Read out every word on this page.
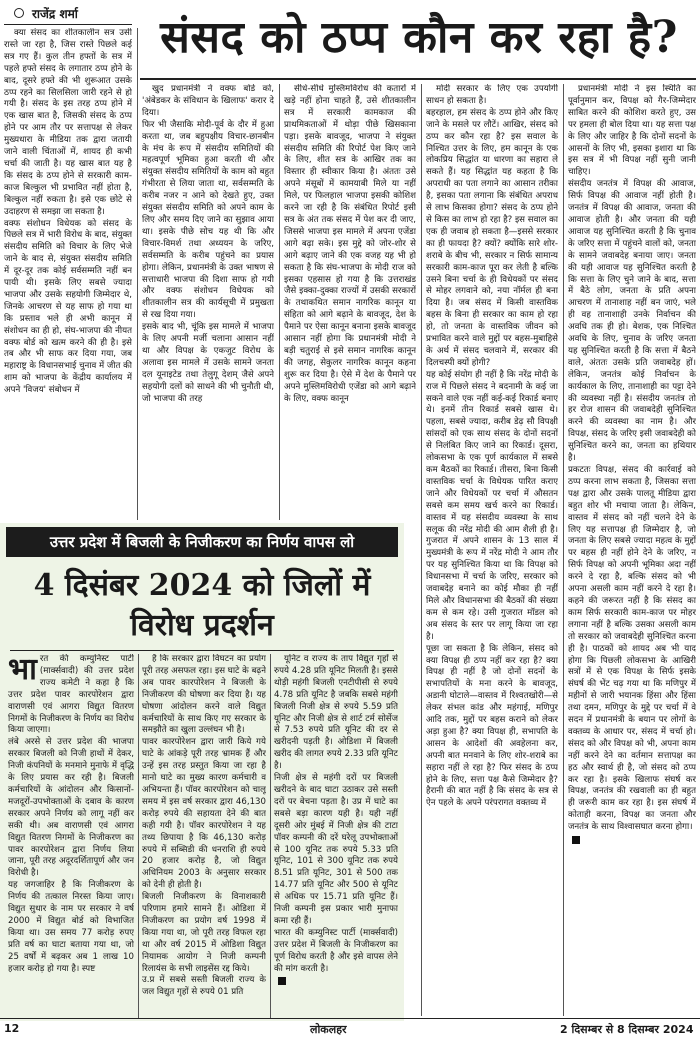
राजेंद्र शर्मा	संसद को ठप्प कौन कर रहा है?

क्या संसद का शीतकालीन सत्र उसी रास्ते जा रहा है, जिस रास्ते पिछले कई सत्र गए हैं। कुल तीन हफ्तों के सत्र में पहले हफ्ते संसद के लगातार ठप्प होने के बाद, दूसरे हफ्ते की भी शुरूआत उसके ठप्प रहने का सिलसिला जारी रहने से हो गयी है। संसद के इस तरह ठप्प होने में एक खास बात है, जिसकी संसद के ठप्प होने पर आम तौर पर सत्तापक्ष से लेकर मुख्यधारा के मीडिया तक द्वारा जतायी जाने वाली चिंताओं में, शायद ही कभी चर्चा की जाती है। यह खास बात यह है कि संसद के ठप्प होने से सरकारी काम-काज बिल्कुल भी प्रभावित नहीं होता है, बिल्कुल नहीं रुकता है। इसे एक छोटे से उदाहरण से समझा जा सकता है।
वक्फ संशोधन विधेयक को संसद के पिछले सत्र में भारी विरोध के बाद, संयुक्त संसदीय समिति को विचार के लिए भेजे जाने के बाद से, संयुक्त संसदीय समिति में दूर-दूर तक कोई सर्वसम्मति नहीं बन पायी थी। इसके लिए सबसे ज्यादा भाजपा और उसके सहयोगी जिम्मेदार थे, जिनके आचरण से यह साफ हो गया था कि प्रस्ताव भले ही अभी कानून में संशोधन का ही हो, संघ-भाजपा की नीयत वक्फ बोर्ड को खत्म करने की ही है। इसे तब और भी साफ कर दिया गया, जब महाराष्ट्र के विधानसभाई चुनाव में जीत की शाम को भाजपा के केंद्रीय कार्यालय में अपने 'विजय' संबोधन में

खुद प्रधानमंत्री ने वक्फ बोर्ड को, 'अंबेडकर के संविधान के खिलाफ' करार दे दिया।
फिर भी जैसाकि मोदी-पूर्व के दौर में हुआ करता था, जब बहुपक्षीय विचार-छानबीन के मंच के रूप में संसदीय समितियों की महत्वपूर्ण भूमिका हुआ करती थी और संयुक्त संसदीय समितियों के काम को बहुत गंभीरता से लिया जाता था, सर्वसम्मति के करीब नजर न आने को देखते हुए, उक्त संयुक्त संसदीय समिति को अपने काम के लिए और समय दिए जाने का सुझाव आया था। इसके पीछे सोच यह थी कि और विचार-विमर्श तथा अध्ययन के जरिए, सर्वसम्मति के करीब पहुंचने का प्रयास होगा। लेकिन, प्रधानमंत्री के उक्त भाषण से सत्ताधारी भाजपा की दिशा साफ हो गयी और वक्फ संशोधन विधेयक को शीतकालीन सत्र की कार्यसूची में प्रमुखता से रख दिया गया।
इसके बाद भी, चूंकि इस मामले में भाजपा के लिए अपनी मर्जी चलाना आसान नहीं था और विपक्ष के एकजुट विरोध के अलावा इस मामले में उसके सामने जनता दल यूनाइटेड तथा तेलुगू देशम् जैसे अपने सहयोगी दलों को साधने की भी चुनौती थी, जो भाजपा की तरह

सीधे-सीधे मुस्लिमविरोध की कतारों में खड़े नहीं होना चाहते हैं, उसे शीतकालीन सत्र में सरकारी कामकाज की प्राथमिकताओं में थोड़ा पीछे खिसकाना पड़ा। इसके बावजूद, भाजपा ने संयुक्त संसदीय समिति की रिपोर्ट पेश किए जाने के लिए, शीत सत्र के आखिर तक का विस्तार ही स्वीकार किया है। अंततः उसे अपने मंसूबों में कामयाबी मिले या नहीं मिले, पर फिलहाल भाजपा इसकी कोशिश करने जा रही है कि संबंधित रिपोर्ट इसी सत्र के अंत तक संसद में पेश कर दी जाए, जिससे भाजपा इस मामले में अपना एजेंडा आगे बढ़ा सके। इस मुद्दे को जोर-शोर से आगे बढ़ाए जाने की एक वजह यह भी हो सकता है कि संघ-भाजपा के मोदी राज को इसका एहसास हो गया है कि उत्तराखंड जैसे इक्का-दुक्का राज्यों में उसकी सरकारों के तथाकथित समान नागरिक कानून या संहिता को आगे बढ़ाने के बावजूद, देश के पैमाने पर ऐसा कानून बनाना इसके बावजूद आसान नहीं होगा कि प्रधानमंत्री मोदी ने बड़ी चतुराई से इसे समान नागरिक कानून की जगह, सेकुलर नागरिक कानून कहना शुरू कर दिया है। ऐसे में देश के पैमाने पर अपने मुस्लिमविरोधी एजेंडा को आगे बढ़ाने के लिए, वक्फ कानून

मोदी सरकार के लिए एक उपयोगी साधन हो सकता है।
बहरहाल, हम संसद के ठप्प होने और किए जाने के मसले पर लौटें। आखिर, संसद को ठप्प कर कौन रहा है? इस सवाल के निश्चित उत्तर के लिए, हम कानून के एक लोकप्रिय सिद्धांत या धारणा का सहारा ले सकते हैं। यह सिद्धांत यह कहता है कि अपराधी का पता लगाने का आसान तरीका है, इसका पता लगाना कि संबंधित अपराध से लाभ किसका होगा? संसद के ठप्प होने से किस का लाभ हो रहा है? इस सवाल का एक ही जवाब हो सकता है—इससे सरकार का ही फायदा है? क्यों? क्योंकि सारे शोर-शराबे के बीच भी, सरकार न सिर्फ सामान्य सरकारी काम-काज पूरा कर लेती है बल्कि उसने बिना चर्चा के ही विधेयकों पर संसद से मोहर लगवाने को, नया नॉर्मल ही बना दिया है। जब संसद में किसी वास्तविक बहस के बिना ही सरकार का काम हो रहा हो, तो जनता के वास्तविक जीवन को प्रभावित करने वाले मुद्दों पर बहस-मुबाहिसे के अर्थ में संसद चलवाने में, सरकार की दिलचस्पी क्यों होगी?
यह कोई संयोग ही नहीं है कि नरेंद्र मोदी के राज में पिछले संसद ने बदनामी के कई जा सकने वाले एक नहीं कई-कई रिकार्ड बनाए थे। इनमें तीन रिकार्ड सबसे खास थे। पहला, सबसे ज्यादा, करीब डेढ़ सौ विपक्षी सांसदों को एक साथ संसद के दोनों सदनों से निलंबित किए जाने का रिकार्ड। दूसरा, लोकसभा के एक पूर्ण कार्यकाल में सबसे कम बैठकों का रिकार्ड। तीसरा, बिना किसी वास्तविक चर्चा के विधेयक पारित कराए जाने और विधेयकों पर चर्चा में औसतन सबसे कम समय खर्च करने का रिकार्ड। वास्तव में यह संसदीय व्यवस्था के साथ सलूक की नरेंद्र मोदी की आम शैली ही है। गुजरात में अपने शासन के 13 साल में मुख्यमंत्री के रूप में नरेंद्र मोदी ने आम तौर पर यह सुनिश्चित किया था कि विपक्ष को विधानसभा में चर्चा के जरिए, सरकार को जवाबदेह बनाने का कोई मौका ही नहीं मिले और विधानसभा की बैठकों की संख्या कम से कम रहे। उसी गुजरात मॉडल को अब संसद के स्तर पर लागू किया जा रहा है।
पूछा जा सकता है कि लेकिन, संसद को क्या विपक्ष ही ठप्प नहीं कर रहा है? क्या विपक्ष ही नहीं है जो दोनों सदनों के सभापतियों के मना करने के बावजूद, अडानी घोटाले—वास्तव में रिश्वतखोरी—से लेकर संभल कांड और महंगाई, मणिपुर आदि तक, मुद्दों पर बहस कराने को लेकर अड़ा हुआ है? क्या विपक्ष ही, सभापति के आसन के आदेशों की अवहेलना कर, अपनी बात मनवाने के लिए शोर-शराबे का सहारा नहीं ले रहा है? फिर संसद के ठप्प होने के लिए, सत्ता पक्ष कैसे जिम्मेदार है? हैरानी की बात नहीं है कि संसद के सत्र से ऐन पहले के अपने परंपरागत वक्तव्य में

प्रधानमंत्री मोदी ने इस स्थिति का पूर्वानुमान कर, विपक्ष को गैर-जिम्मेदार साबित करने की कोशिश करते हुए, उस पर हमला ही बोल दिया था। यह सत्ता पक्ष के लिए और जाहिर है कि दोनों सदनों के आसनों के लिए भी, इसका इशारा था कि इस सत्र में भी विपक्ष नहीं सुनी जानी चाहिए।
संसदीय जनतंत्र में विपक्ष की आवाज, सिर्फ विपक्ष की आवाज नहीं होती है। जनतंत्र में विपक्ष की आवाज, जनता की आवाज होती है। और जनता की यही आवाज यह सुनिश्चित करती है कि चुनाव के जरिए सत्ता में पहुंचने वालों को, जनता के सामने जवाबदेह बनाया जाए। जनता की यही आवाज यह सुनिश्चित करती है कि सत्ता के लिए चुने जाने के बाद, सत्ता में बैठे लोग, जनता के प्रति अपना आचरण में तानाशाह नहीं बन जाएं, भले ही वह तानाशाही उनके निर्वाचन की अवधि तक ही हो। बेशक, एक निश्चित अवधि के लिए, चुनाव के जरिए जनता यह सुनिश्चित करती है कि सत्ता में बैठने वाले, अंततः उसके प्रति जवाबदेह हों। लेकिन, जनतंत्र कोई निर्वाचन के कार्यकाल के लिए, तानाशाही का पट्टा देने की व्यवस्था नहीं है। संसदीय जनतंत्र तो हर रोज शासन की जवाबदेही सुनिश्चित करने की व्यवस्था का नाम है। और विपक्ष, संसद के जरिए इसी जवाबदेही को सुनिश्चित करने का, जनता का हथियार है।
प्रकटतः विपक्ष, संसद की कार्रवाई को ठप्प करना लाभ सकता है, जिसका सत्ता पक्ष द्वारा और उसके पालतू मीडिया द्वारा बहुत शोर भी मचाया जाता है। लेकिन, वास्तव में संसद को नहीं चलने देने के लिए यह सत्तापक्ष ही जिम्मेदार है, जो जनता के लिए सबसे ज्यादा महत्व के मुद्दों पर बहस ही नहीं होने देने के जरिए, न सिर्फ विपक्ष को अपनी भूमिका अदा नहीं करने दे रहा है, बल्कि संसद को भी अपना असली काम नहीं करने दे रहा है। कहने की जरूरत नहीं है कि संसद का काम सिर्फ सरकारी काम-काज पर मोहर लगाना नहीं है बल्कि उसका असली काम तो सरकार को जवाबदेही सुनिश्चित करना ही है। पाठकों को शायद अब भी याद होगा कि पिछली लोकसभा के आखिरी सत्रों में से एक विपक्ष के सिर्फ इसके संघर्ष की भेंट चढ़ गया था कि मणिपुर में महीनों से जारी भयानक हिंसा और हिंसा तथा दमन, मणिपुर के मुद्दे पर चर्चा में वे सदन में प्रधानमंत्री के बयान पर लोगों के वक्तव्य के आधार पर, संसद में चर्चा हो। संसद को और विपक्ष को भी, अपना काम नहीं करने देने का वर्तमान सत्तापक्ष का हठ और स्वार्थ ही है, जो संसद को ठप्प कर रहा है। इसके खिलाफ संघर्ष कर विपक्ष, जनतंत्र की रखवाली का ही बहुत ही जरूरी काम कर रहा है। इस संघर्ष में कोताही करना, विपक्ष का जनता और जनतंत्र के साथ विश्वासघात करना होगा।

उत्तर प्रदेश में बिजली के निजीकरण का निर्णय वापस लो
4 दिसंबर 2024 को जिलों में
विरोध प्रदर्शन
भारत की कम्युनिस्ट पार्टी (मार्क्सवादी) की उत्तर प्रदेश राज्य कमेटी ने कहा है कि उत्तर प्रदेश पावर कारपोरेशन द्वारा वाराणसी एवं आगरा विद्युत वितरण निगमों के निजीकरण के निर्णय का विरोध किया जाएगा।
लंबे अरसे से उत्तर प्रदेश की भाजपा सरकार बिजली को निजी हाथों में देकर, निजी कंपनियों के मनमाने मुनाफे में वृद्धि के लिए प्रयास कर रही है। बिजली कर्मचारियों के आंदोलन और किसानों-मजदूरों-उपभोक्ताओं के दबाव के कारण सरकार अपने निर्णय को लागू नहीं कर सकी थी। अब वाराणसी एवं आगरा विद्युत वितरण निगमों के निजीकरण का पावर कारपोरेशन द्वारा निर्णय लिया जाना, पूरी तरह अदूरदर्शितापूर्ण और जन विरोधी है।
यह जगजाहिर है कि निजीकरण के निर्णय की तत्काल निरस्त किया जाए। विद्युत सुधार के नाम पर सरकार ने वर्ष 2000 में विद्युत बोर्ड को विभाजित किया था। उस समय 77 करोड़ रुपए प्रति वर्ष का घाटा बताया गया था, जो 25 वर्षों में बढ़कर अब 1 लाख 10 हजार करोड़ हो गया है। स्पष्ट

है कि सरकार द्वारा विघटन का प्रयोग पूरी तरह असफल रहा। इस घाटे के बढ़ने अब पावर कारपोरेशन ने बिजली के निजीकरण की घोषणा कर दिया है। यह घोषणा आंदोलन करने वाले विद्युत कर्मचारियों के साथ किए गए सरकार के समझौते का खुला उल्लंघन भी है।
पावर कारपोरेशन द्वारा जारी किये गये घाटे के आंकड़े पूरी तरह भ्रामक हैं और उन्हें इस तरह प्रस्तुत किया जा रहा है मानो घाटे का मुख्य कारण कर्मचारी व अभियन्ता हैं। पॉवर कारपोरेशन को चालू समय में इस वर्ष सरकार द्वारा 46,130 करोड़ रुपये की सहायता देने की बात कही गयी है। पॉवर कारपोरेशन ने यह तथ्य छिपाया है कि 46,130 करोड़ रुपये में सब्सिडी की धनराशि ही रुपये 20 हजार करोड़ है, जो विद्युत अधिनियम 2003 के अनुसार सरकार को देनी ही होती है।
बिजली निजीकरण के विनाशकारी परिणाम हमारे सामने हैं। ओडिशा में निजीकरण का प्रयोग वर्ष 1998 में किया गया था, जो पूरी तरह विफल रहा था और वर्ष 2015 में ओडिशा विद्युत नियामक आयोग ने निजी कम्पनी रिलायंस के सभी लाइसेंस रद्द किये।
उ.प्र में सबसे सस्ती बिजली राज्य के जल विद्युत गृहों से रुपये 01 प्रति

यूनिट व राज्य के ताप विद्युत गृहों से रुपये 4.28 प्रति यूनिट मिलती है। इससे थोड़ी महंगी बिजली एनटीपीसी से रुपये 4.78 प्रति यूनिट है जबकि सबसे महंगी बिजली निजी क्षेत्र से रुपये 5.59 प्रति यूनिट और निजी क्षेत्र से शार्ट टर्म सोर्सेज से 7.53 रुपये प्रति यूनिट की दर से खरीदनी पड़ती है। ओडिशा में बिजली खरीद की लागत रुपये 2.33 प्रति यूनिट है।
निजी क्षेत्र से महंगी दरों पर बिजली खरीदने के बाद घाटा उठाकर उसे सस्ती दरों पर बेचना पड़ता है। उप्र में घाटे का सबसे बड़ा कारण यही है। यही नहीं दूसरी ओर मुंबई में निजी क्षेत्र की टाटा पॉवर कम्पनी की दरें घरेलू उपभोक्ताओं से 100 यूनिट तक रुपये 5.33 प्रति यूनिट, 101 से 300 यूनिट तक रुपये 8.51 प्रति यूनिट, 301 से 500 तक 14.77 प्रति यूनिट और 500 से यूनिट से अधिक पर 15.71 प्रति यूनिट हैं। निजी कम्पनी इस प्रकार भारी मुनाफा कमा रही हैं।
भारत की कम्युनिस्ट पार्टी (मार्क्सवादी) उत्तर प्रदेश में बिजली के निजीकरण का पूर्ण विरोध करती है और इसे वापस लेने की मांग करती है।

12	लोकलहर	2 दिसम्बर से 8 दिसम्बर 2024
